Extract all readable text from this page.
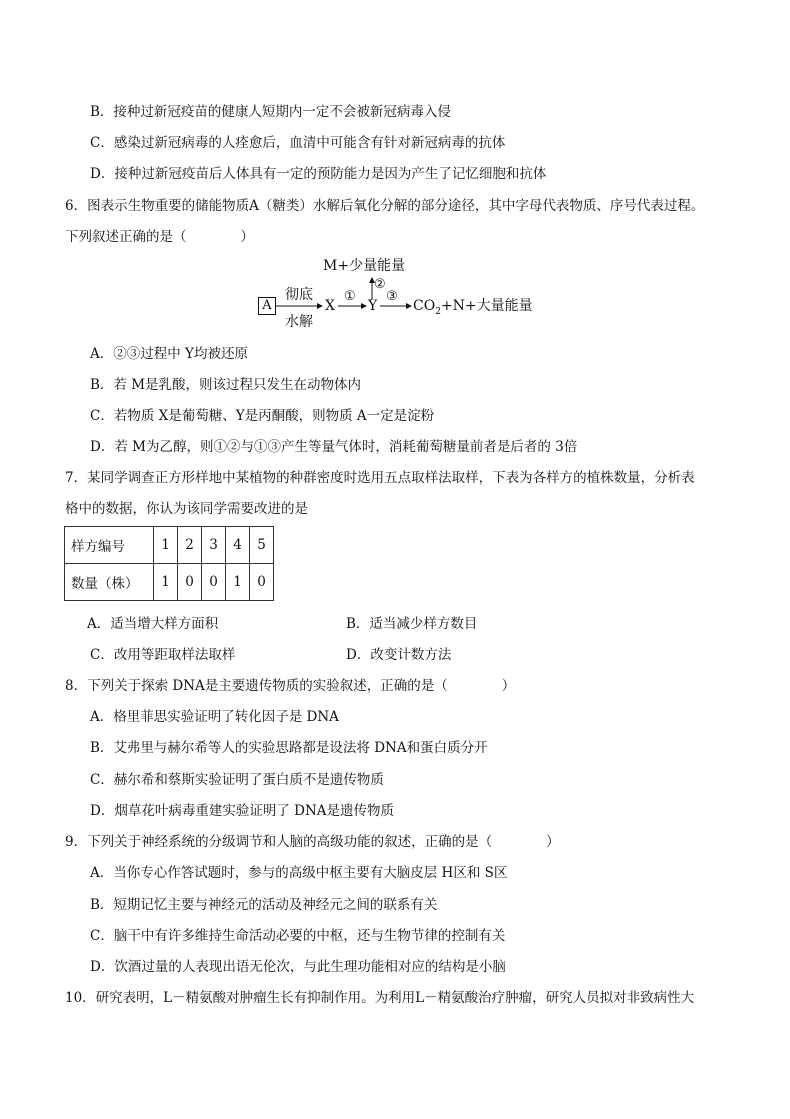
B．接种过新冠疫苗的健康人短期内一定不会被新冠病毒入侵
C．感染过新冠病毒的人痊愈后，血清中可能含有针对新冠病毒的抗体
D．接种过新冠疫苗后人体具有一定的预防能力是因为产生了记忆细胞和抗体
6．图表示生物重要的储能物质A（糖类）水解后氧化分解的部分途径，其中字母代表物质、序号代表过程。
下列叙述正确的是（　　　　）
M+少量能量
②
A
彻底
水解
X
①
Y
③
$CO_2+N+$大量能量
A．②③过程中 Y均被还原
B．若 M是乳酸，则该过程只发生在动物体内
C．若物质 X是葡萄糖、Y是丙酮酸，则物质 A一定是淀粉
D．若 M为乙醇，则①②与①③产生等量气体时，消耗葡萄糖量前者是后者的 3倍
7．某同学调查正方形样地中某植物的种群密度时选用五点取样法取样，下表为各样方的植株数量，分析表
格中的数据，你认为该同学需要改进的是
样方编号	1	2	3	4	5
数量（株）	1	0	0	1	0
A．适当增大样方面积	B．适当减少样方数目
C．改用等距取样法取样	D．改变计数方法
8．下列关于探索 DNA是主要遗传物质的实验叙述，正确的是（　　　　）
A．格里菲思实验证明了转化因子是 DNA
B．艾弗里与赫尔希等人的实验思路都是设法将 DNA和蛋白质分开
C．赫尔希和蔡斯实验证明了蛋白质不是遗传物质
D．烟草花叶病毒重建实验证明了 DNA是遗传物质
9．下列关于神经系统的分级调节和人脑的高级功能的叙述，正确的是（　　　　）
A．当你专心作答试题时，参与的高级中枢主要有大脑皮层 H区和 S区
B．短期记忆主要与神经元的活动及神经元之间的联系有关
C．脑干中有许多维持生命活动必要的中枢，还与生物节律的控制有关
D．饮酒过量的人表现出语无伦次，与此生理功能相对应的结构是小脑
10．研究表明，L－精氨酸对肿瘤生长有抑制作用。为利用L－精氨酸治疗肿瘤，研究人员拟对非致病性大
